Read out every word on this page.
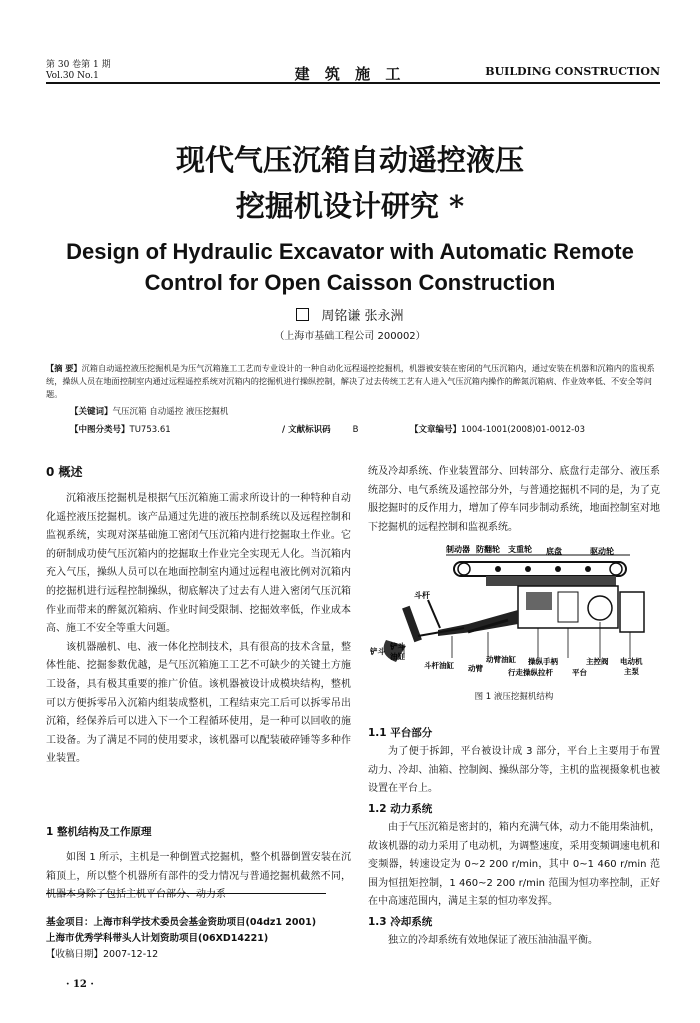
第 30 卷第 1 期
Vol.30 No.1	建 筑 施 工	BUILDING CONSTRUCTION
现代气压沉箱自动遥控液压
挖掘机设计研究 *
Design of Hydraulic Excavator with Automatic Remote
Control for Open Caisson Construction
周铭谦 张永洲
（上海市基础工程公司 200002）
【摘 要】沉箱自动遥控液压挖掘机是为压气沉箱施工工艺而专业设计的一种自动化远程遥控挖掘机，机器被安装在密闭的气压沉箱内，通过安装在机器和沉箱内的监视系统，操纵人员在地面控制室内通过远程遥控系统对沉箱内的挖掘机进行操纵控制，解决了过去传统工艺有人进入气压沉箱内操作的醉氮沉箱病、作业效率低、不安全等问题。
【关键词】气压沉箱 自动遥控 液压挖掘机
【中图分类号】TU753.61	/ 文献标识码	B	【文章编号】1004-1001(2008)01-0012-03
0 概述

沉箱液压挖掘机是根据气压沉箱施工需求所设计的一种特种自动化遥控液压挖掘机。该产品通过先进的液压控制系统以及远程控制和监视系统，实现对深基础施工密闭气压沉箱内进行挖掘取土作业。它的研制成功使气压沉箱内的挖掘取土作业完全实现无人化。当沉箱内充入气压，操纵人员可以在地面控制室内通过远程电液比例对沉箱内的挖掘机进行远程控制操纵，彻底解决了过去有人进入密闭气压沉箱作业而带来的醉氮沉箱病、作业时间受限制、挖掘效率低，作业成本高、施工不安全等重大问题。

该机器融机、电、液一体化控制技术，具有很高的技术含量，整体性能、挖掘参数优越，是气压沉箱施工工艺不可缺少的关键土方施工设备，具有极其重要的推广价值。该机器被设计成模块结构，整机可以方便拆零吊入沉箱内组装成整机，工程结束完工后可以拆零吊出沉箱，经保养后可以进入下一个工程循环使用，是一种可以回收的施工设备。为了满足不同的使用要求，该机器可以配装破碎锤等多种作业装置。

1 整机结构及工作原理

如图 1 所示，主机是一种倒置式挖掘机，整个机器倒置安装在沉箱顶上，所以整个机器所有部件的受力情况与普通挖掘机截然不同，机器本身除了包括主机平台部分、动力系

基金项目：上海市科学技术委员会基金资助项目(04dz1 2001)
上海市优秀学科带头人计划资助项目(06XD14221)
【收稿日期】2007-12-12
· 12 ·

统及冷却系统、作业装置部分、回转部分、底盘行走部分、液压系统部分、电气系统及遥控部分外，与普通挖掘机不同的是，为了克服挖掘时的反作用力，增加了停车同步制动系统，地面控制室对地下挖掘机的远程控制和监视系统。

制动器 防翻轮 支重轮 底盘	驱动轮
斗杆
铲斗
铲斗
油缸
斗杆油缸 动臂
动臂油缸 操纵手柄
行走操纵拉杆	平台
主控阀 电动机
主泵
图 1 液压挖掘机结构
1.1 平台部分

为了便于拆卸，平台被设计成 3 部分，平台上主要用于布置动力、冷却、油箱、控制阀、操纵部分等，主机的监视摄象机也被设置在平台上。

1.2 动力系统

由于气压沉箱是密封的，箱内充满气体，动力不能用柴油机，故该机器的动力采用了电动机，为调整速度，采用变频调速电机和变频器，转速设定为 0~2 200 r/min，其中 0~1 460 r/min 范围为恒扭矩控制，1 460~2 200 r/min 范围为恒功率控制，正好在中高速范围内，满足主泵的恒功率发挥。

1.3 冷却系统

独立的冷却系统有效地保证了液压油油温平衡。
